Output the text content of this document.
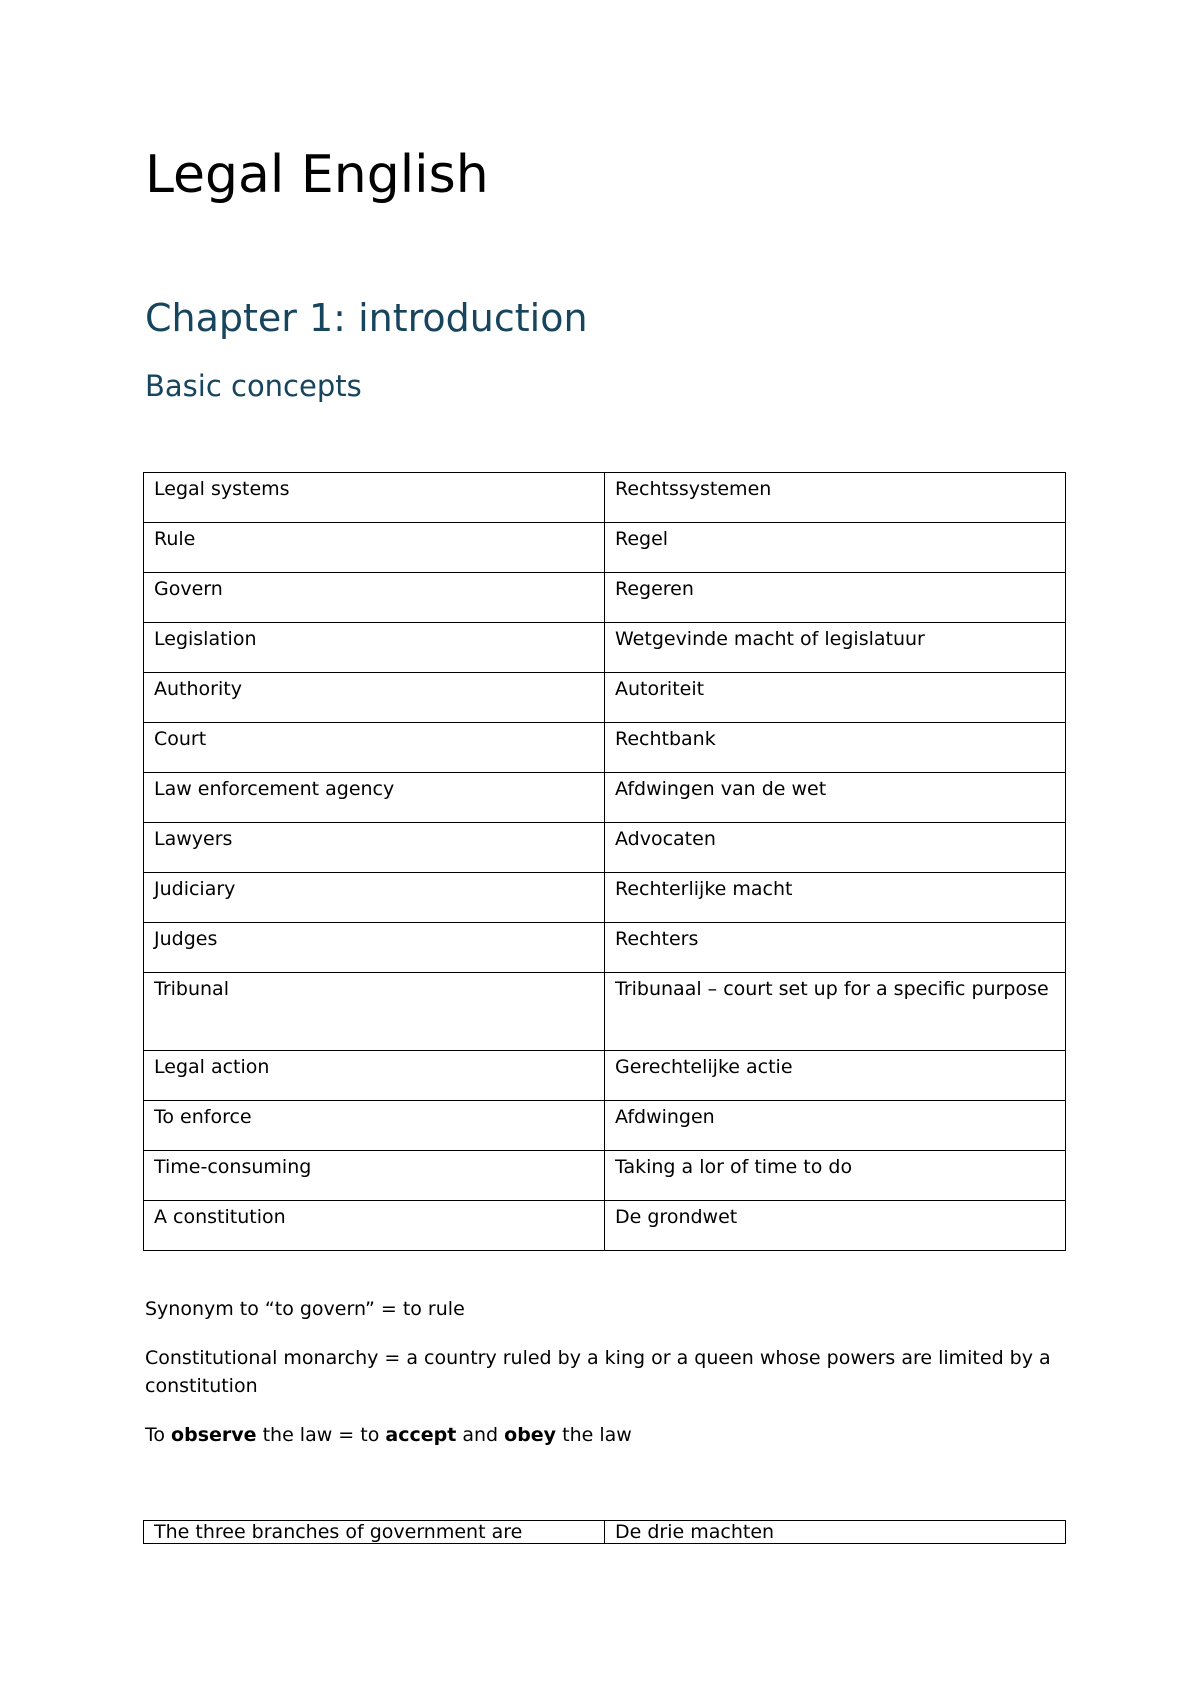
Legal English
Chapter 1: introduction
Basic concepts
Legal systems	Rechtssystemen
Rule	Regel
Govern	Regeren
Legislation	Wetgevinde macht of legislatuur
Authority	Autoriteit
Court	Rechtbank
Law enforcement agency	Afdwingen van de wet
Lawyers	Advocaten
Judiciary	Rechterlijke macht
Judges	Rechters
Tribunal	Tribunaal – court set up for a specific purpose
Legal action	Gerechtelijke actie
To enforce	Afdwingen
Time-consuming	Taking a lor of time to do
A constitution	De grondwet

Synonym to “to govern” = to rule

Constitutional monarchy = a country ruled by a king or a queen whose powers are limited by a constitution

To observe the law = to accept and obey the law

The three branches of government are	De drie machten
